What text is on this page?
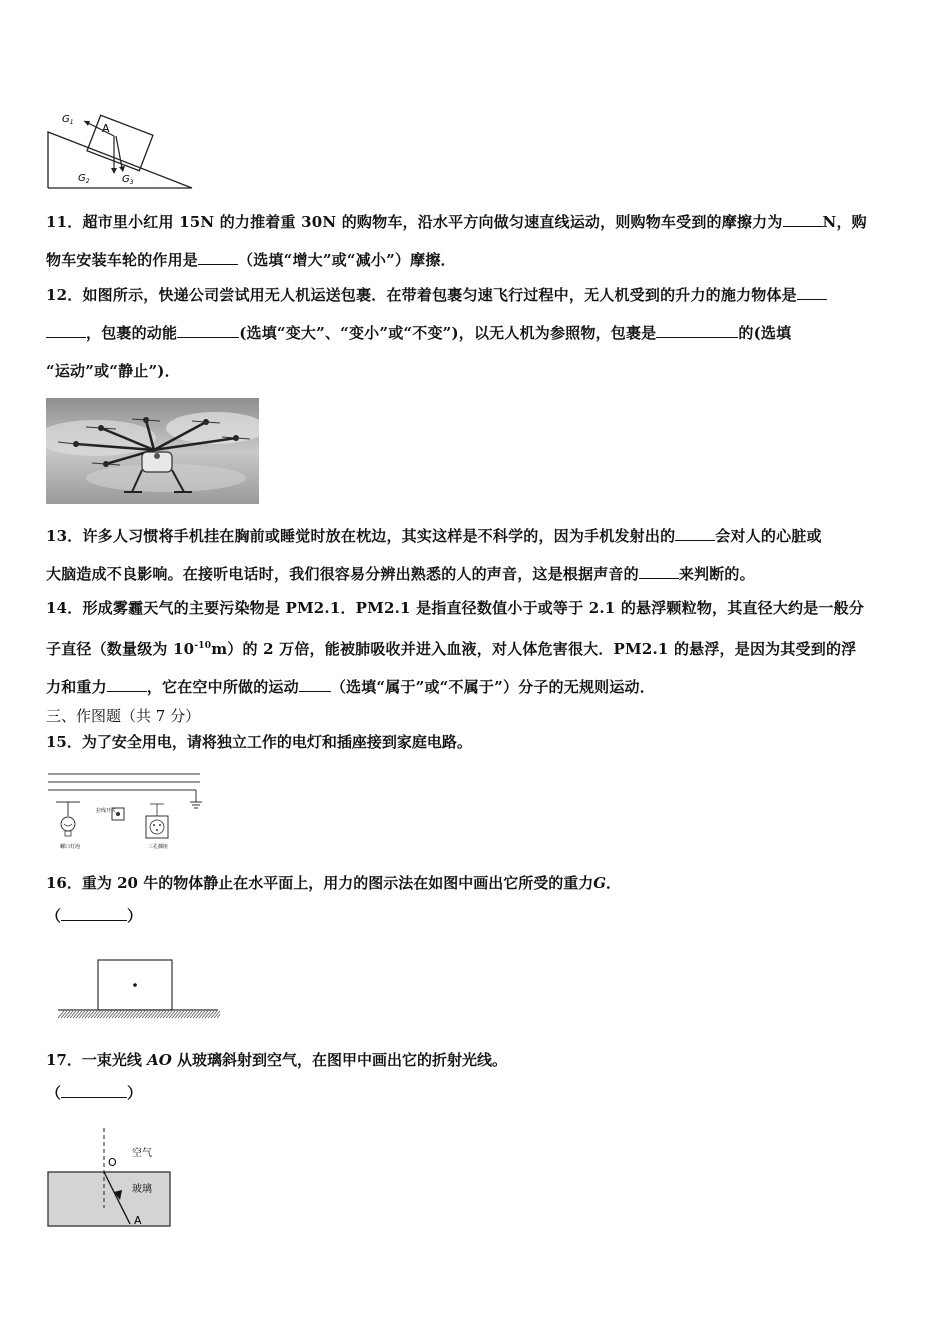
A
$G_1$
$G_2$	$G_3$
11．超市里小红用 15N 的力推着重 30N 的购物车，沿水平方向做匀速直线运动，则购物车受到的摩擦力为	N，购
物车安装车轮的作用是	（选填“增大”或“减小”）摩擦．
12．如图所示，快递公司尝试用无人机运送包裹．在带着包裹匀速飞行过程中，无人机受到的升力的施力物体是
，包裹的动能	(选填“变大”、“变小”或“不变”)，以无人机为参照物，包裹是	的(选填
“运动”或“静止”)．
13．许多人习惯将手机挂在胸前或睡觉时放在枕边，其实这样是不科学的，因为手机发射出的	会对人的心脏或
大脑造成不良影响。在接听电话时，我们很容易分辨出熟悉的人的声音，这是根据声音的	来判断的。
14．形成雾霾天气的主要污染物是 PM2.1．PM2.1 是指直径数值小于或等于 2.1 的悬浮颗粒物，其直径大约是一般分
子直径（数量级为 $10^{-10}m$）的 2 万倍，能被肺吸收并进入血液，对人体危害很大．PM2.1 的悬浮，是因为其受到的浮
力和重力	，它在空中所做的运动 （选填“属于”或“不属于”）分子的无规则运动．
三、作图题（共 7 分）
15．为了安全用电，请将独立工作的电灯和插座接到家庭电路。
拉线开关
螺口灯泡	三孔插座
16．重为 20 牛的物体静止在水平面上，用力的图示法在如图中画出它所受的重力G．
（	）
17．一束光线 AO 从玻璃斜射到空气，在图甲中画出它的折射光线。
（	）
O
空气
玻璃
A
